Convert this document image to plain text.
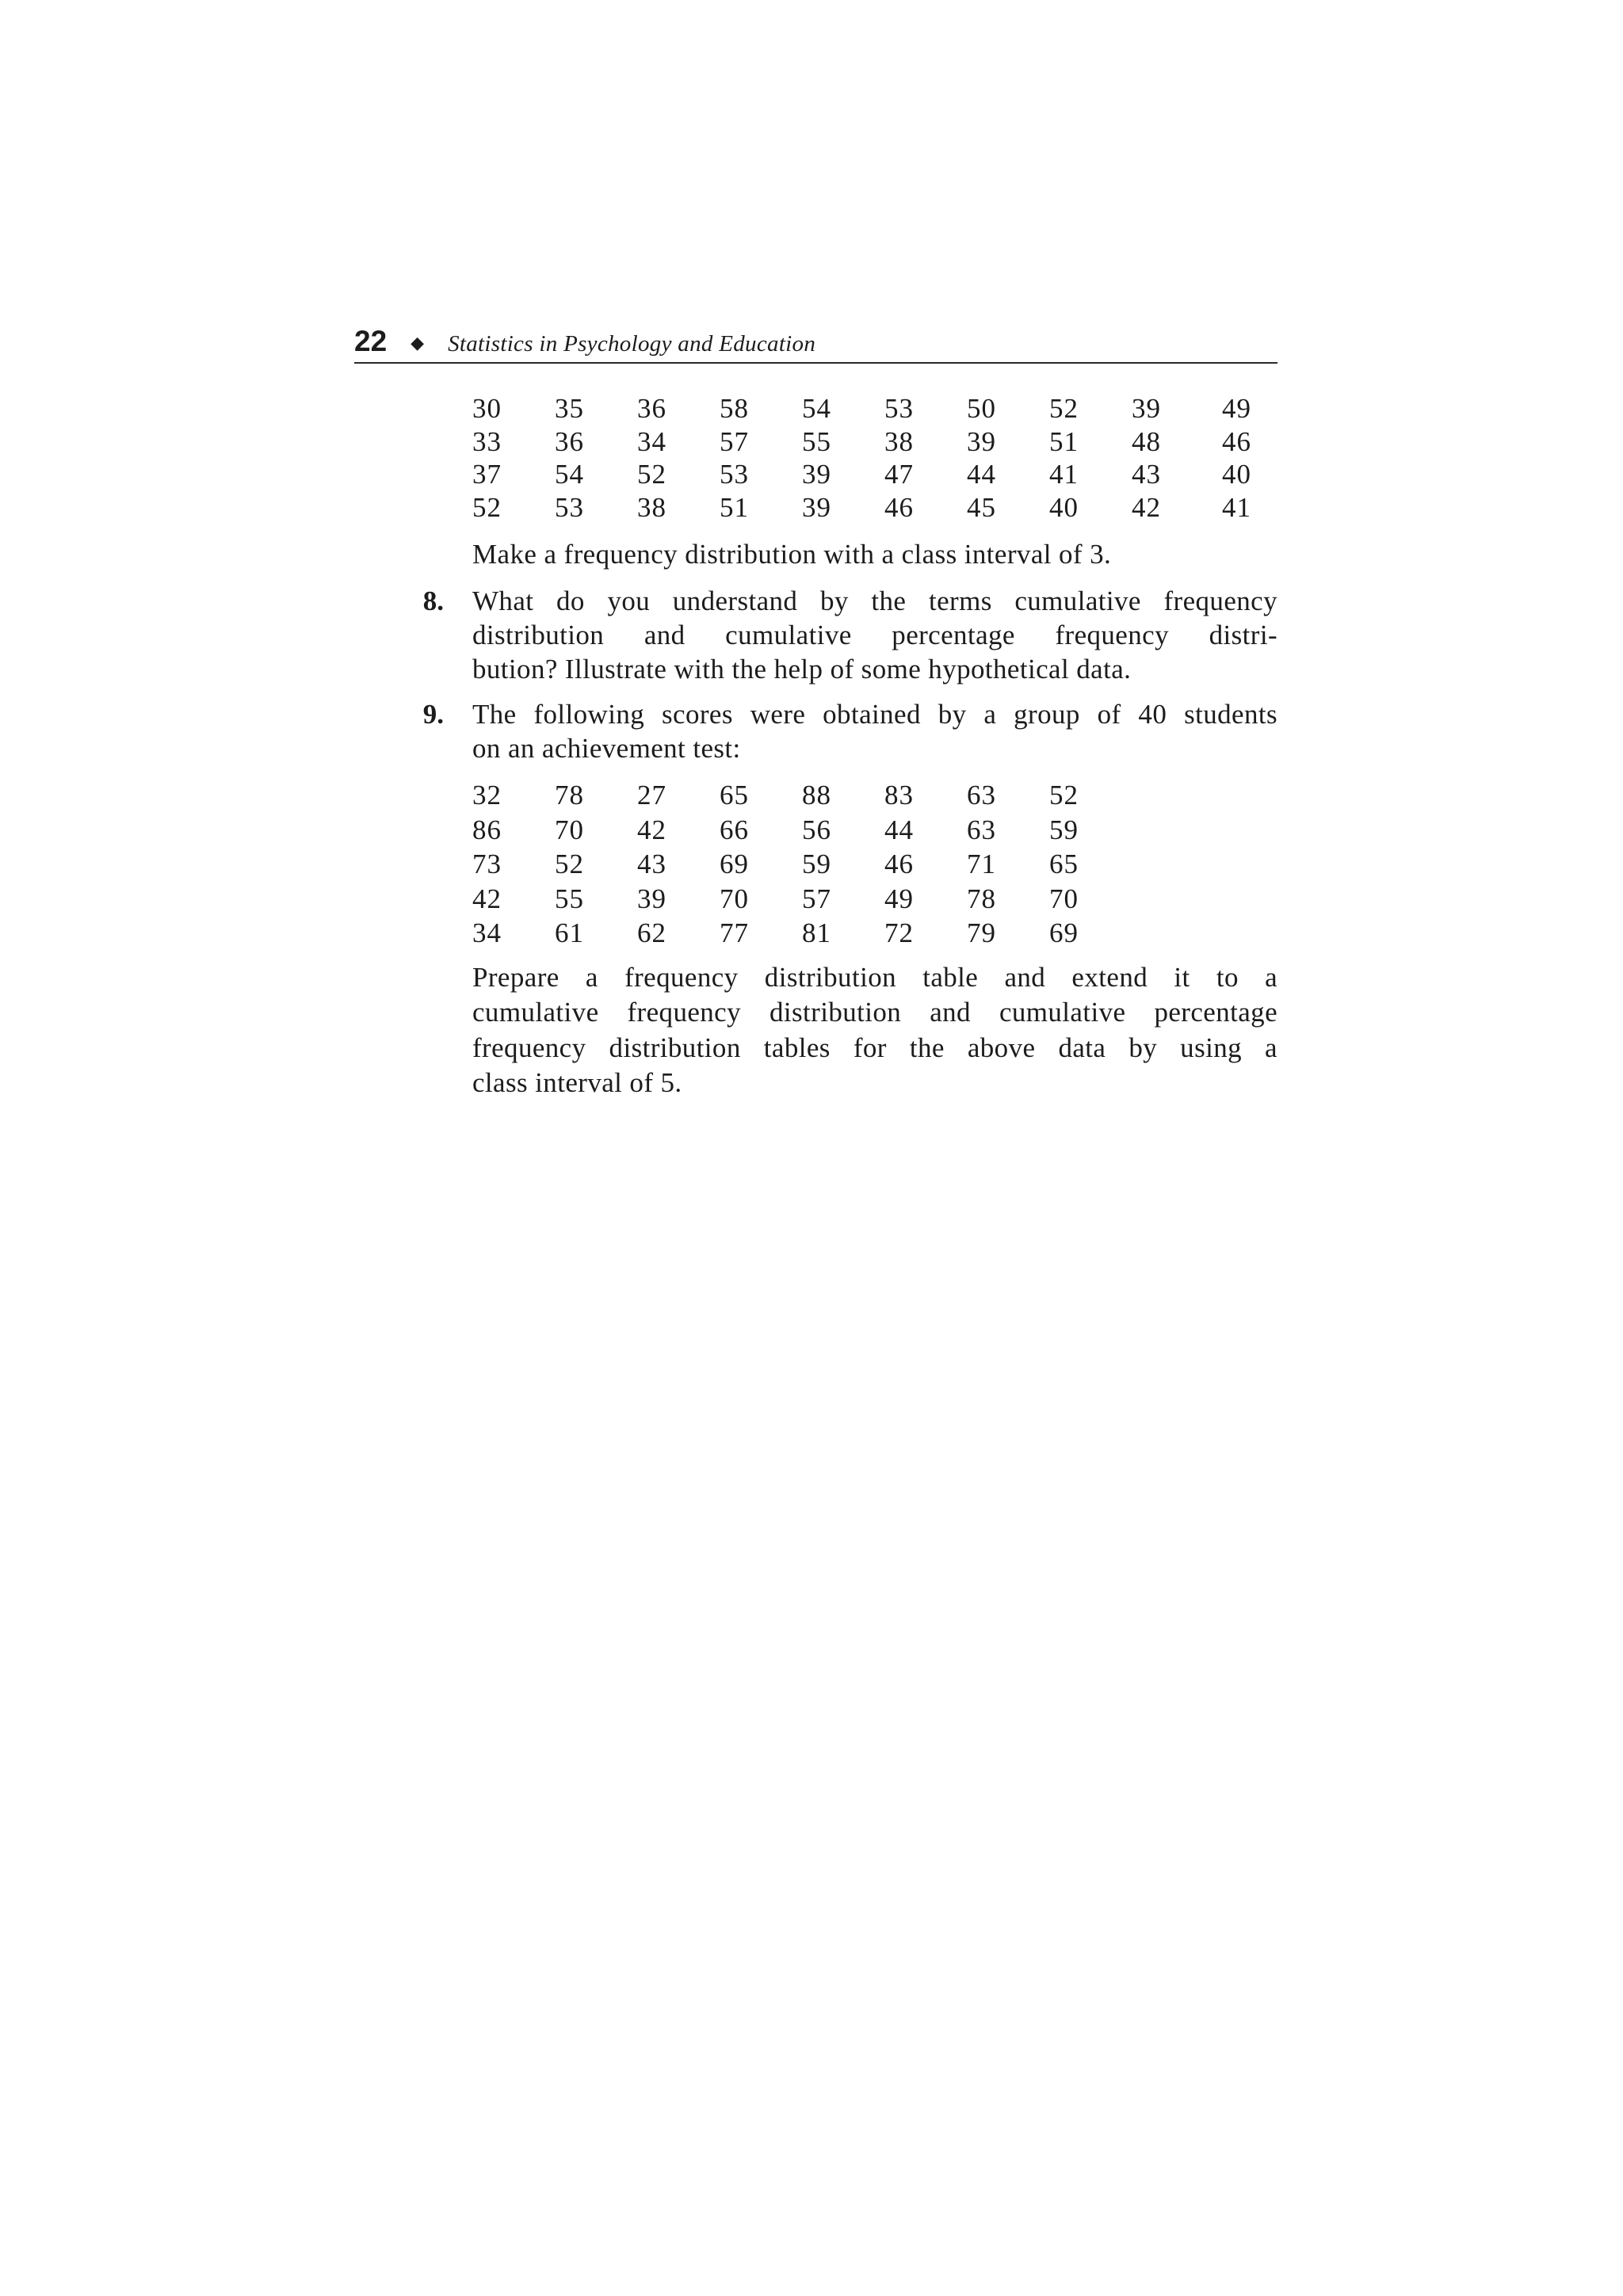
22 ◆ Statistics in Psychology and Education
30	35	36	58	54	53	50	52	39	49
33	36	34	57	55	38	39	51	48	46
37	54	52	53	39	47	44	41	43	40
52	53	38	51	39	46	45	40	42	41
Make a frequency distribution with a class interval of 3.
8. What do you understand by the terms cumulative frequency
distribution and cumulative percentage frequency distri-
bution? Illustrate with the help of some hypothetical data.
9. The following scores were obtained by a group of 40 students
on an achievement test:
32	78	27	65	88	83	63	52
86	70	42	66	56	44	63	59
73	52	43	69	59	46	71	65
42	55	39	70	57	49	78	70
34	61	62	77	81	72	79	69
Prepare a frequency distribution table and extend it to a
cumulative frequency distribution and cumulative percentage
frequency distribution tables for the above data by using a
class interval of 5.
